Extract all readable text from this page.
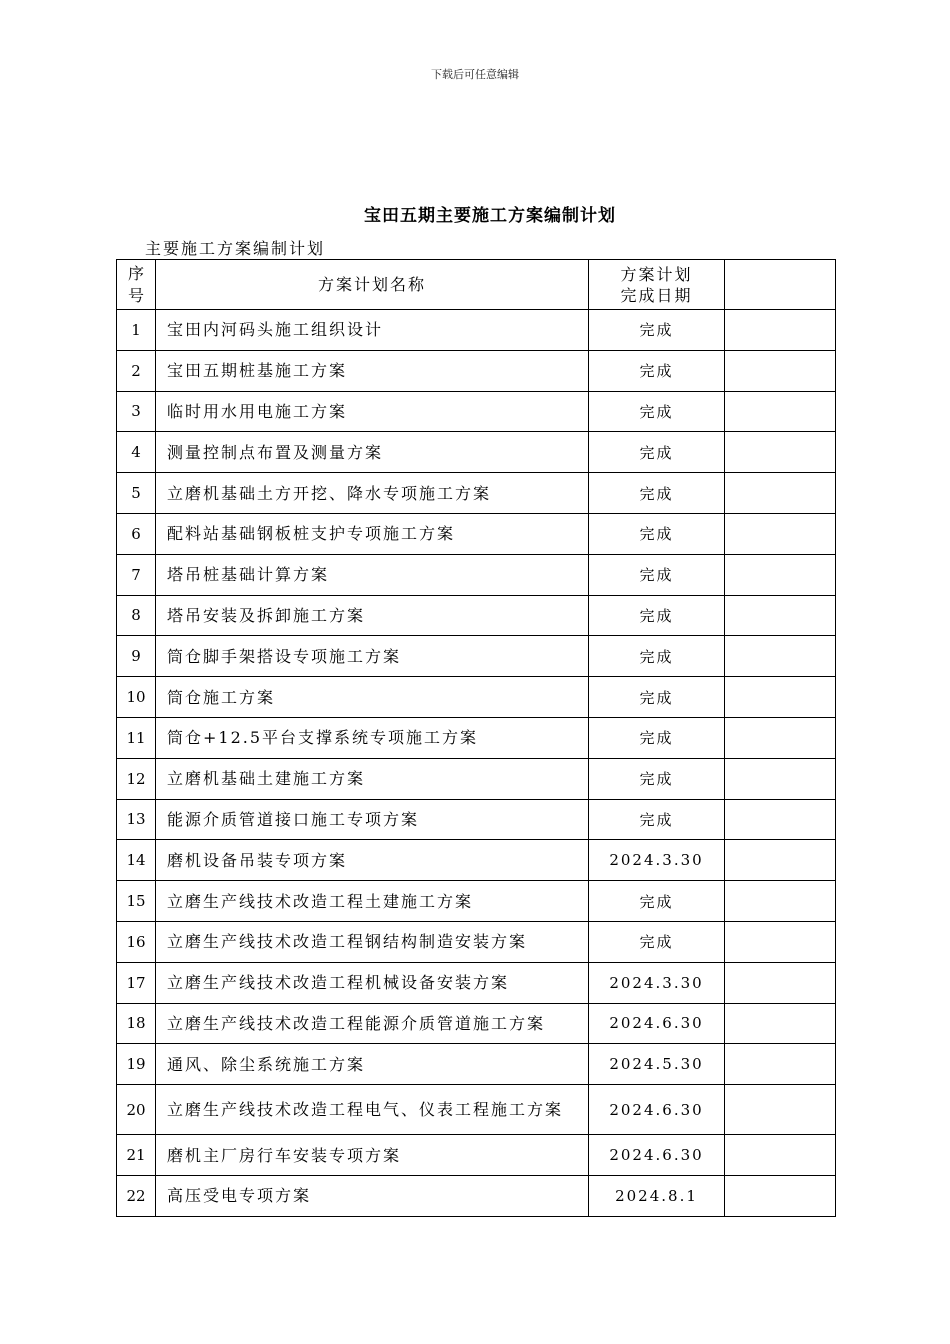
下载后可任意编辑
宝田五期主要施工方案编制计划
主要施工方案编制计划
序号	方案计划名称	方案计划
完成日期	

1	宝田内河码头施工组织设计	完成	
2	宝田五期桩基施工方案	完成	
3	临时用水用电施工方案	完成	
4	测量控制点布置及测量方案	完成	
5	立磨机基础土方开挖、降水专项施工方案	完成	
6	配料站基础钢板桩支护专项施工方案	完成	
7	塔吊桩基础计算方案	完成	
8	塔吊安装及拆卸施工方案	完成	
9	筒仓脚手架搭设专项施工方案	完成	
10	筒仓施工方案	完成	
11	筒仓+12.5平台支撑系统专项施工方案	完成	
12	立磨机基础土建施工方案	完成	
13	能源介质管道接口施工专项方案	完成	
14	磨机设备吊装专项方案	2024.3.30	
15	立磨生产线技术改造工程土建施工方案	完成	
16	立磨生产线技术改造工程钢结构制造安装方案	完成	
17	立磨生产线技术改造工程机械设备安装方案	2024.3.30	
18	立磨生产线技术改造工程能源介质管道施工方案	2024.6.30	
19	通风、除尘系统施工方案	2024.5.30	
20	立磨生产线技术改造工程电气、仪表工程施工方案	2024.6.30	
21	磨机主厂房行车安装专项方案	2024.6.30	
22	高压受电专项方案	2024.8.1	
